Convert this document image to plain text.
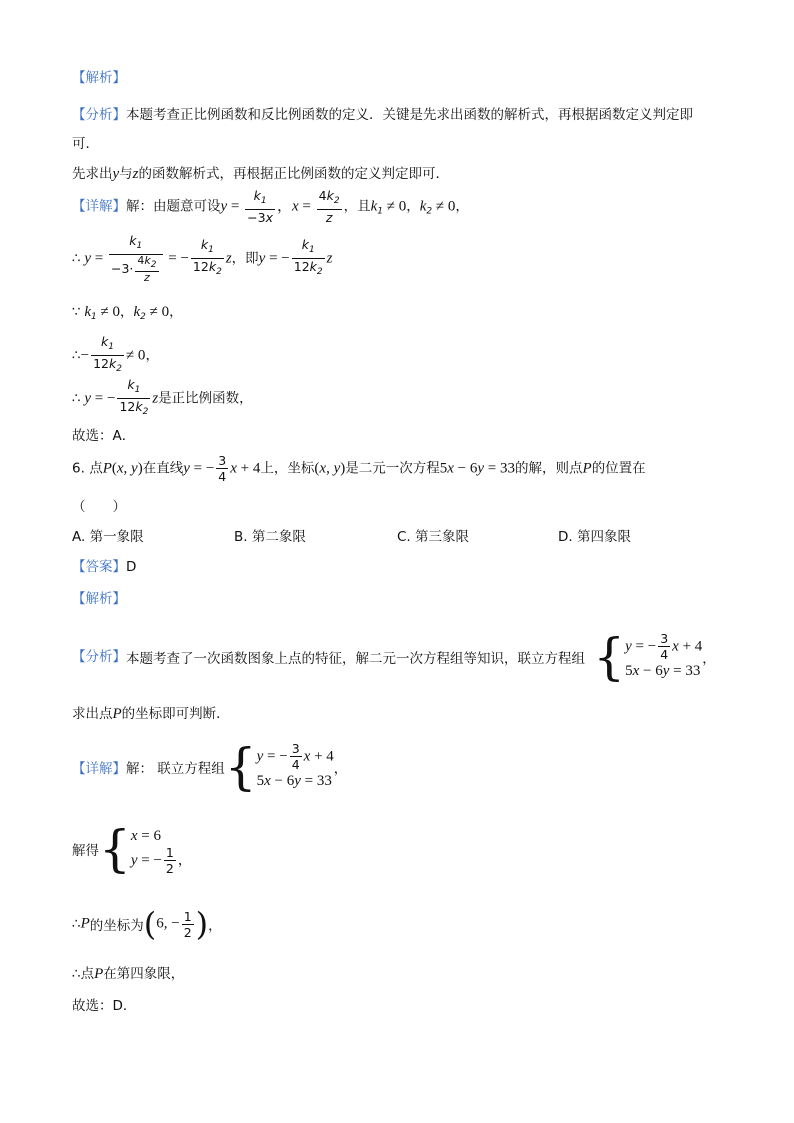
【解析】
【分析】本题考查正比例函数和反比例函数的定义．关键是先求出函数的解析式，再根据函数定义判定即
可．
先求出y与z的函数解析式，再根据正比例函数的定义判定即可．
【详解】解：由题意可设$y = \frac{k_1}{-3x}$ ，$x = \frac{4k_2}{z}$ ，且$k_1 \ne 0$，$k_2 \ne 0$，
∴ $y = \frac{k_1}{-3\cdot \frac{4k_2}{z}}$ = − $\frac{k_1}{12k_2}$ z，即y = − $\frac{k_1}{12k_2}$ z
∵ $k_1 \ne 0$，$k_2 \ne 0$，
∴− $\frac{k_1}{12k_2} \ne 0$，
∴ y = − $\frac{k_1}{12k_2}$ z是正比例函数，
故选：A．
6. 点P(x, y)在直线y = − $\frac{3}{4}$ x + 4上，坐标(x, y)是二元一次方程5x − 6y = 33的解，则点P的位置在
（　　）
A. 第一象限	B. 第二象限	C. 第三象限	D. 第四象限
【答案】D
【解析】
【分析】本题考查了一次函数图象上点的特征，解二元一次方程组等知识，联立方程组 { y = − $\frac{3}{4}$ x + 4
5x − 6y = 33
，
求出点P的坐标即可判断．
【详解】解： 联立方程组{ y = − $\frac{3}{4}$ x + 4
5x − 6y = 33
，
解得{ x = 6
y = − $\frac{1}{2}$ ，
∴P的坐标为(6, − $\frac{1}{2}$ )，
∴点P在第四象限，
故选：D．
